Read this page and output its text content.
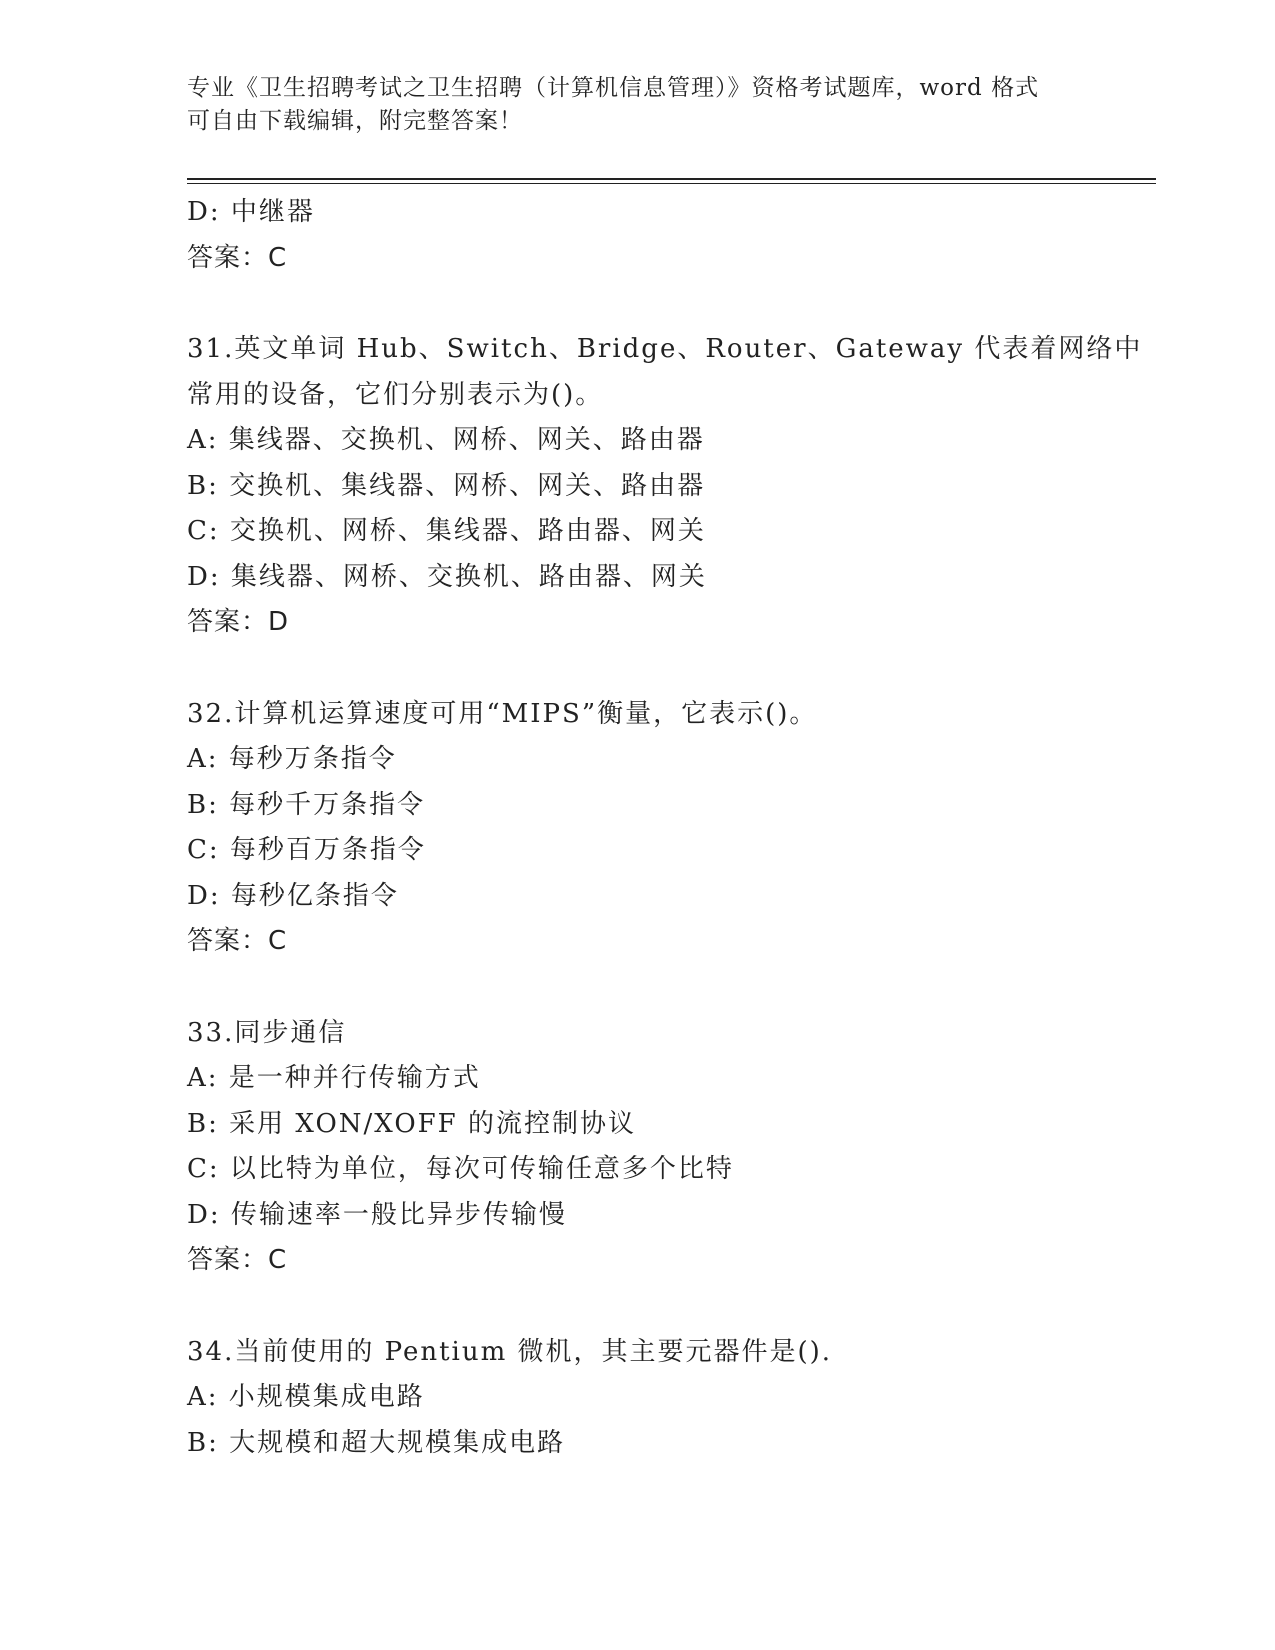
专业《卫生招聘考试之卫生招聘（计算机信息管理）》资格考试题库，word 格式
可自由下载编辑，附完整答案！
D: 中继器
答案：C
31.英文单词 Hub、Switch、Bridge、Router、Gateway 代表着网络中
常用的设备，它们分别表示为()。
A: 集线器、交换机、网桥、网关、路由器
B: 交换机、集线器、网桥、网关、路由器
C: 交换机、网桥、集线器、路由器、网关
D: 集线器、网桥、交换机、路由器、网关
答案：D
32.计算机运算速度可用“MIPS”衡量，它表示()。
A: 每秒万条指令
B: 每秒千万条指令
C: 每秒百万条指令
D: 每秒亿条指令
答案：C
33.同步通信
A: 是一种并行传输方式
B: 采用 XON/XOFF 的流控制协议
C: 以比特为单位，每次可传输任意多个比特
D: 传输速率一般比异步传输慢
答案：C
34.当前使用的 Pentium 微机，其主要元器件是().
A: 小规模集成电路
B: 大规模和超大规模集成电路
